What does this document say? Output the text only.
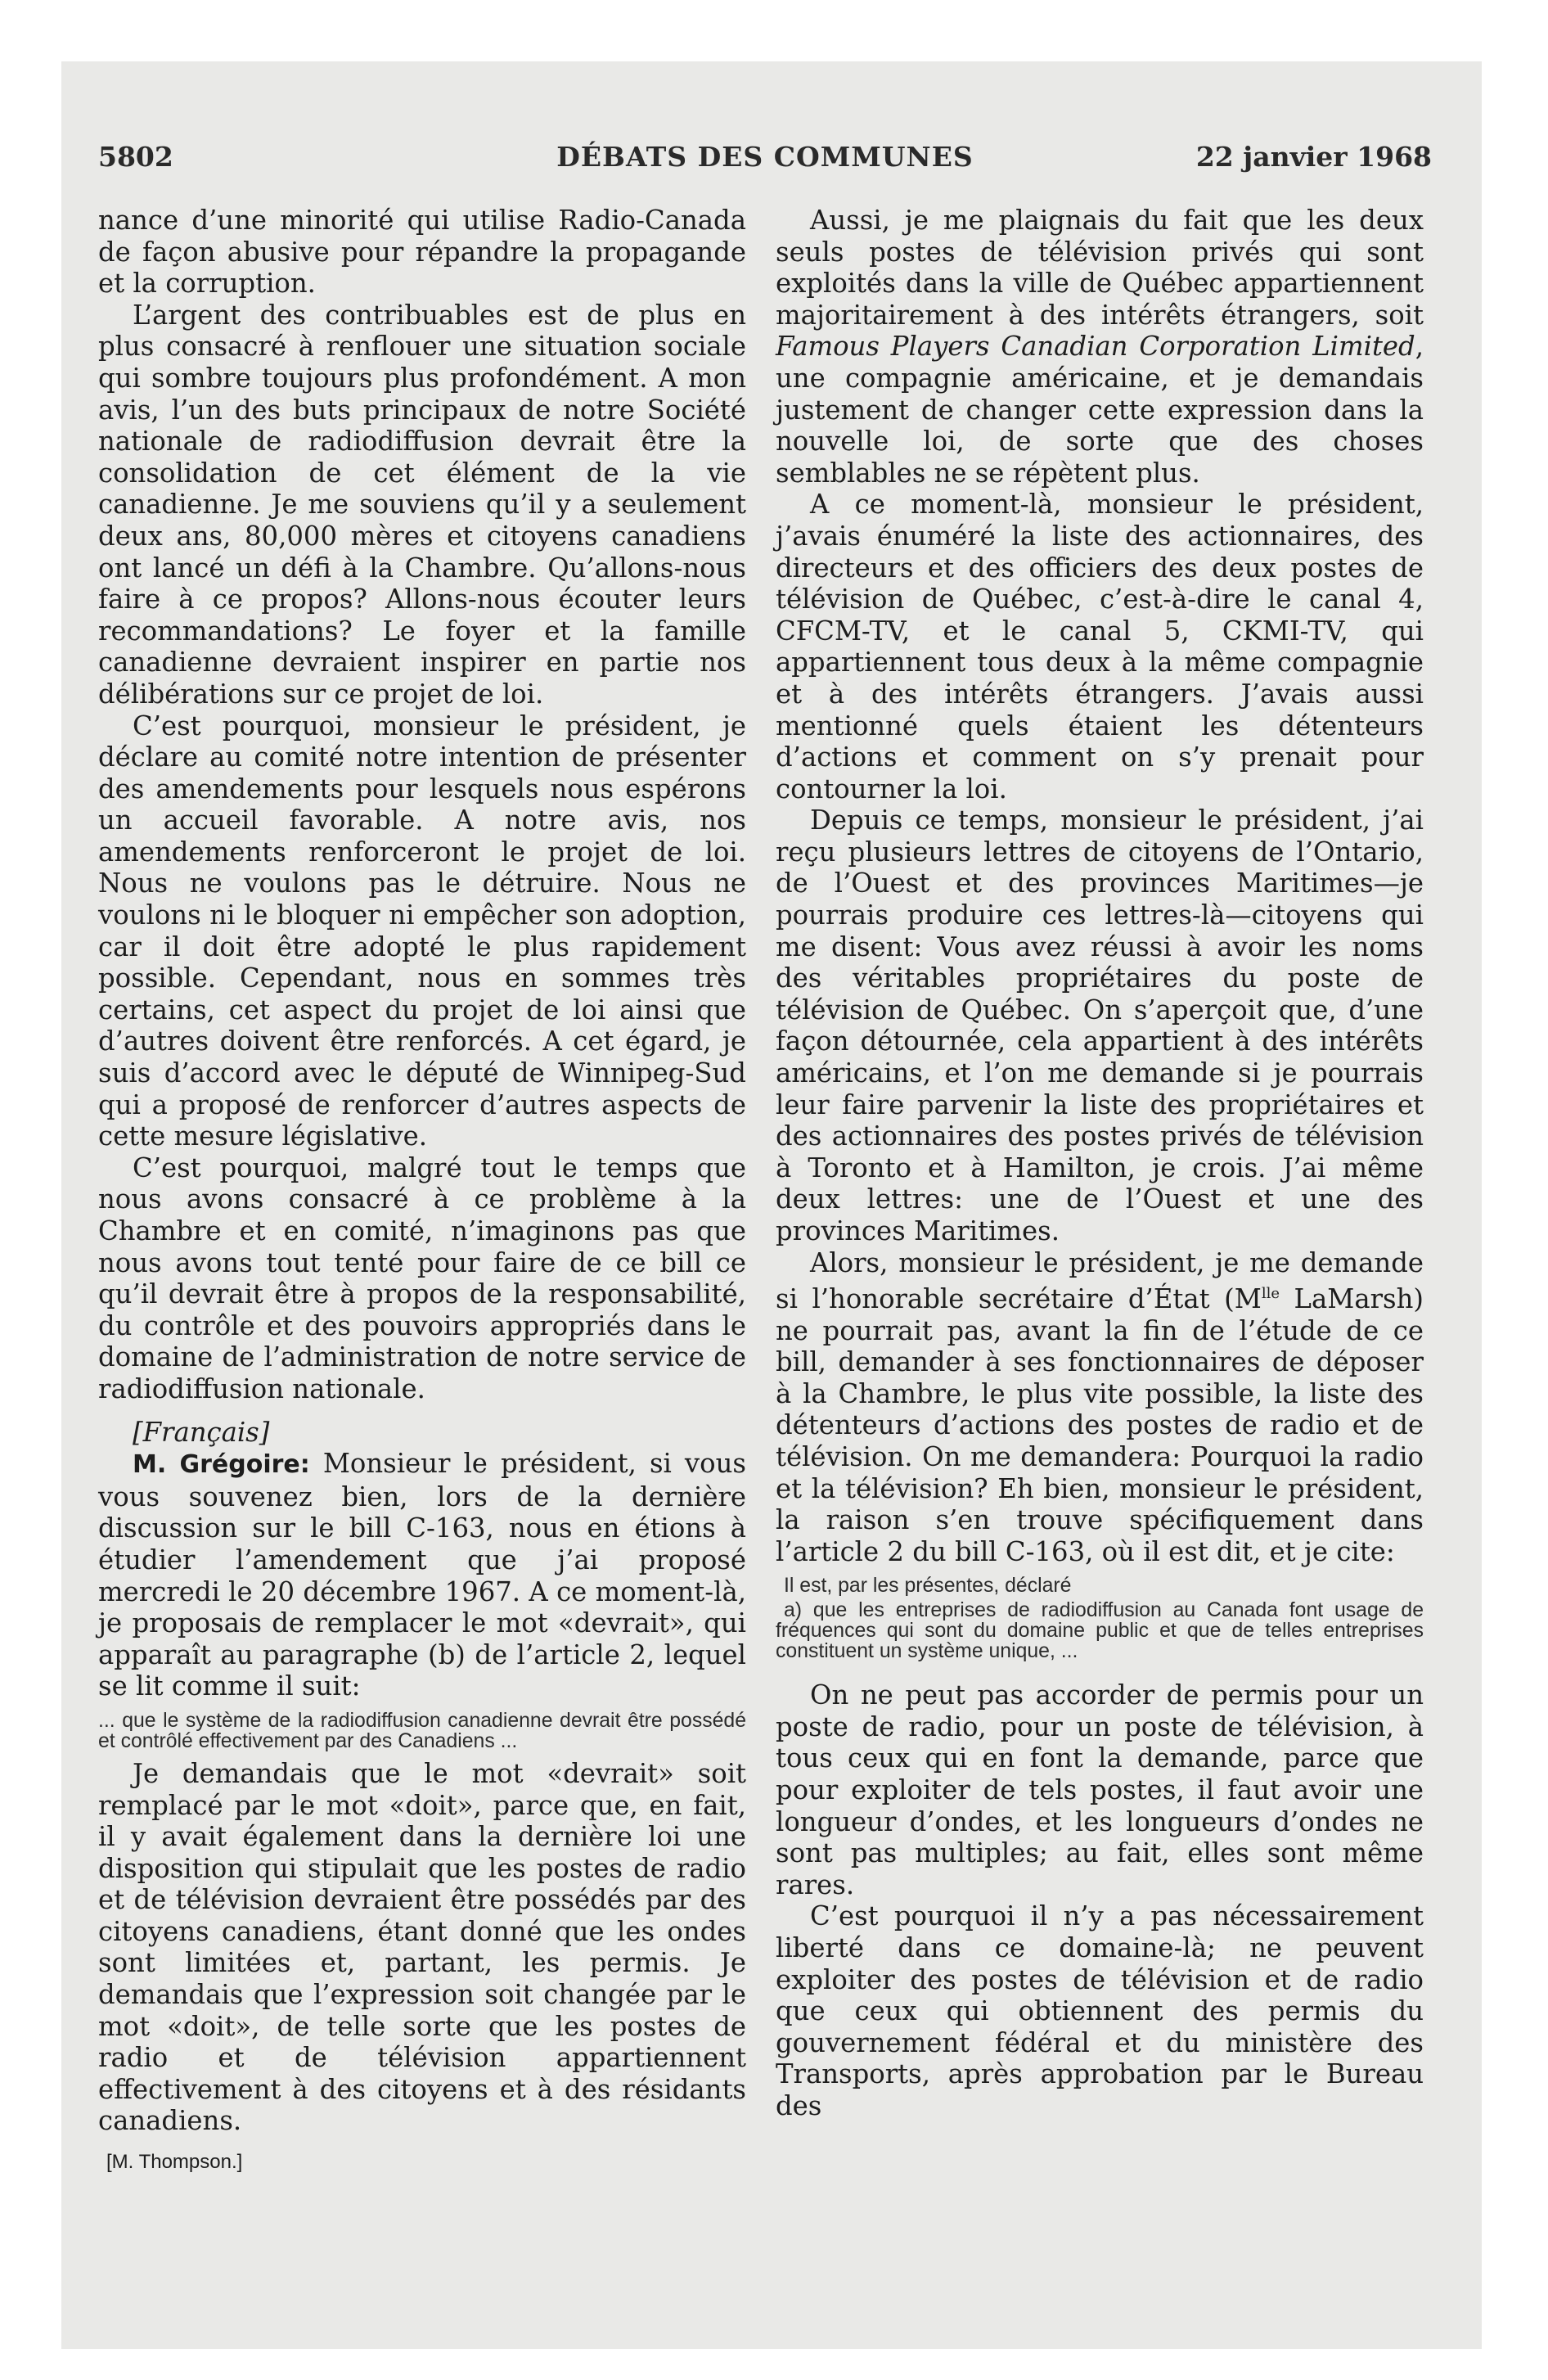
5802	DÉBATS DES COMMUNES	22 janvier 1968

nance d’une minorité qui utilise Radio-Canada de façon abusive pour répandre la propagande et la corruption.

L’argent des contribuables est de plus en plus consacré à renflouer une situation sociale qui sombre toujours plus profondément. A mon avis, l’un des buts principaux de notre Société nationale de radiodiffusion devrait être la consolidation de cet élément de la vie canadienne. Je me souviens qu’il y a seulement deux ans, 80,000 mères et citoyens canadiens ont lancé un défi à la Chambre. Qu’allons-nous faire à ce propos? Allons-nous écouter leurs recommandations? Le foyer et la famille canadienne devraient inspirer en partie nos délibérations sur ce projet de loi.

C’est pourquoi, monsieur le président, je déclare au comité notre intention de présenter des amendements pour lesquels nous espérons un accueil favorable. A notre avis, nos amendements renforceront le projet de loi. Nous ne voulons pas le détruire. Nous ne voulons ni le bloquer ni empêcher son adoption, car il doit être adopté le plus rapidement possible. Cependant, nous en sommes très certains, cet aspect du projet de loi ainsi que d’autres doivent être renforcés. A cet égard, je suis d’accord avec le député de Winnipeg-Sud qui a proposé de renforcer d’autres aspects de cette mesure législative.

C’est pourquoi, malgré tout le temps que nous avons consacré à ce problème à la Chambre et en comité, n’imaginons pas que nous avons tout tenté pour faire de ce bill ce qu’il devrait être à propos de la responsabilité, du contrôle et des pouvoirs appropriés dans le domaine de l’administration de notre service de radiodiffusion nationale.

[Français]

M. Grégoire: Monsieur le président, si vous vous souvenez bien, lors de la dernière discussion sur le bill C-163, nous en étions à étudier l’amendement que j’ai proposé mercredi le 20 décembre 1967. A ce moment-là, je proposais de remplacer le mot «devrait», qui apparaît au paragraphe (b) de l’article 2, lequel se lit comme il suit:

... que le système de la radiodiffusion canadienne devrait être possédé et contrôlé effectivement par des Canadiens ...

Je demandais que le mot «devrait» soit remplacé par le mot «doit», parce que, en fait, il y avait également dans la dernière loi une disposition qui stipulait que les postes de radio et de télévision devraient être possédés par des citoyens canadiens, étant donné que les ondes sont limitées et, partant, les permis. Je demandais que l’expression soit changée par le mot «doit», de telle sorte que les postes de radio et de télévision appartiennent effectivement à des citoyens et à des résidants canadiens.

[M. Thompson.]

Aussi, je me plaignais du fait que les deux seuls postes de télévision privés qui sont exploités dans la ville de Québec appartiennent majoritairement à des intérêts étrangers, soit Famous Players Canadian Corporation Limited, une compagnie américaine, et je demandais justement de changer cette expression dans la nouvelle loi, de sorte que des choses semblables ne se répètent plus.

A ce moment-là, monsieur le président, j’avais énuméré la liste des actionnaires, des directeurs et des officiers des deux postes de télévision de Québec, c’est-à-dire le canal 4, CFCM-TV, et le canal 5, CKMI-TV, qui appartiennent tous deux à la même compagnie et à des intérêts étrangers. J’avais aussi mentionné quels étaient les détenteurs d’actions et comment on s’y prenait pour contourner la loi.

Depuis ce temps, monsieur le président, j’ai reçu plusieurs lettres de citoyens de l’Ontario, de l’Ouest et des provinces Maritimes—je pourrais produire ces lettres-là—citoyens qui me disent: Vous avez réussi à avoir les noms des véritables propriétaires du poste de télévision de Québec. On s’aperçoit que, d’une façon détournée, cela appartient à des intérêts américains, et l’on me demande si je pourrais leur faire parvenir la liste des propriétaires et des actionnaires des postes privés de télévision à Toronto et à Hamilton, je crois. J’ai même deux lettres: une de l’Ouest et une des provinces Maritimes.

Alors, monsieur le président, je me demande si l’honorable secrétaire d’État ($M^{lle}$ LaMarsh) ne pourrait pas, avant la fin de l’étude de ce bill, demander à ses fonctionnaires de déposer à la Chambre, le plus vite possible, la liste des détenteurs d’actions des postes de radio et de télévision. On me demandera: Pourquoi la radio et la télévision? Eh bien, monsieur le président, la raison s’en trouve spécifiquement dans l’article 2 du bill C-163, où il est dit, et je cite:

Il est, par les présentes, déclaré

a) que les entreprises de radiodiffusion au Canada font usage de fréquences qui sont du domaine public et que de telles entreprises constituent un système unique, ...

On ne peut pas accorder de permis pour un poste de radio, pour un poste de télévision, à tous ceux qui en font la demande, parce que pour exploiter de tels postes, il faut avoir une longueur d’ondes, et les longueurs d’ondes ne sont pas multiples; au fait, elles sont même rares.

C’est pourquoi il n’y a pas nécessairement liberté dans ce domaine-là; ne peuvent exploiter des postes de télévision et de radio que ceux qui obtiennent des permis du gouvernement fédéral et du ministère des Transports, après approbation par le Bureau des
